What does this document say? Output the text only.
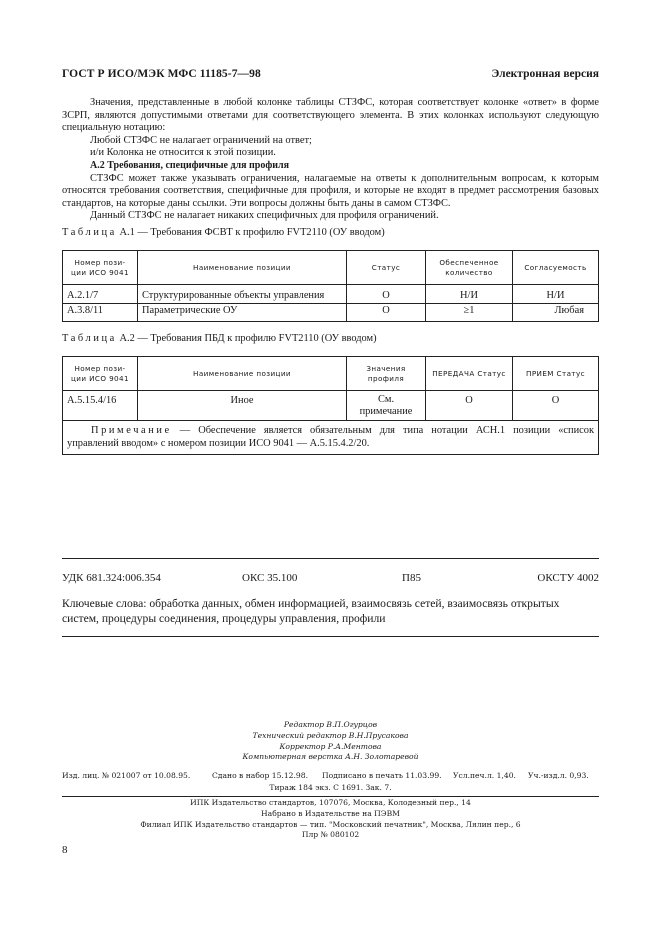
ГОСТ Р ИСО/МЭК МФС 11185-7—98	Электронная версия

Значения, представленные в любой колонке таблицы СТЗФС, которая соответствует колонке «ответ» в форме ЗСРП, являются допустимыми ответами для соответствующего элемента. В этих колонках используют следующую специальную нотацию:

Любой СТЗФС не налагает ограничений на ответ;

и/и Колонка не относится к этой позиции.

А.2 Требования, специфичные для профиля

СТЗФС может также указывать ограничения, налагаемые на ответы к дополнительным вопросам, к которым относятся требования соответствия, специфичные для профиля, и которые не входят в предмет рассмотрения базовых стандартов, на которые даны ссылки. Эти вопросы должны быть даны в самом СТЗФС.

Данный СТЗФС не налагает никаких специфичных для профиля ограничений.

Таблица А.1 — Требования ФСВТ к профилю FVT2110 (ОУ вводом)
Номер пози-ции ИСО 9041	Наименование позиции	Статус	Обеспеченное количество	Согласуемость
А.2.1/7	Структурированные объекты управления	О	Н/И	Н/И
А.3.8/11	Параметрические ОУ	О	≥1	Любая
Таблица А.2 — Требования ПБД к профилю FVT2110 (ОУ вводом)
Номер пози-ции ИСО 9041	Наименование позиции	Значения профиля	ПЕРЕДАЧА Статус	ПРИЕМ Статус
А.5.15.4/16	Иное	См. примечание	О	О
Примечание — Обеспечение является обязательным для типа нотации АСН.1 позиции «список управлений вводом» с номером позиции ИСО 9041 — А.5.15.4.2/20.				
УДК 681.324:006.354	ОКС 35.100	П85	ОКСТУ 4002
Ключевые слова: обработка данных, обмен информацией, взаимосвязь сетей, взаимосвязь открытых систем, процедуры соединения, процедуры управления, профили
Редактор В.П.Огурцов
Технический редактор В.Н.Прусакова
Корректор Р.А.Ментова
Компьютерная верстка А.Н. Золотаревой
Изд. лиц. № 021007 от 10.08.95.	Сдано в набор 15.12.98. Подписано в печать 11.03.99. Усл.печ.л. 1,40. Уч.-изд.л. 0,93.
Тираж 184 экз. С 1691. Зак. 7.
ИПК Издательство стандартов, 107076, Москва, Колодезный пер., 14
Набрано в Издательстве на ПЭВМ
Филиал ИПК Издательство стандартов — тип. "Московский печатник", Москва, Лялин пер., 6
Плр № 080102
8
